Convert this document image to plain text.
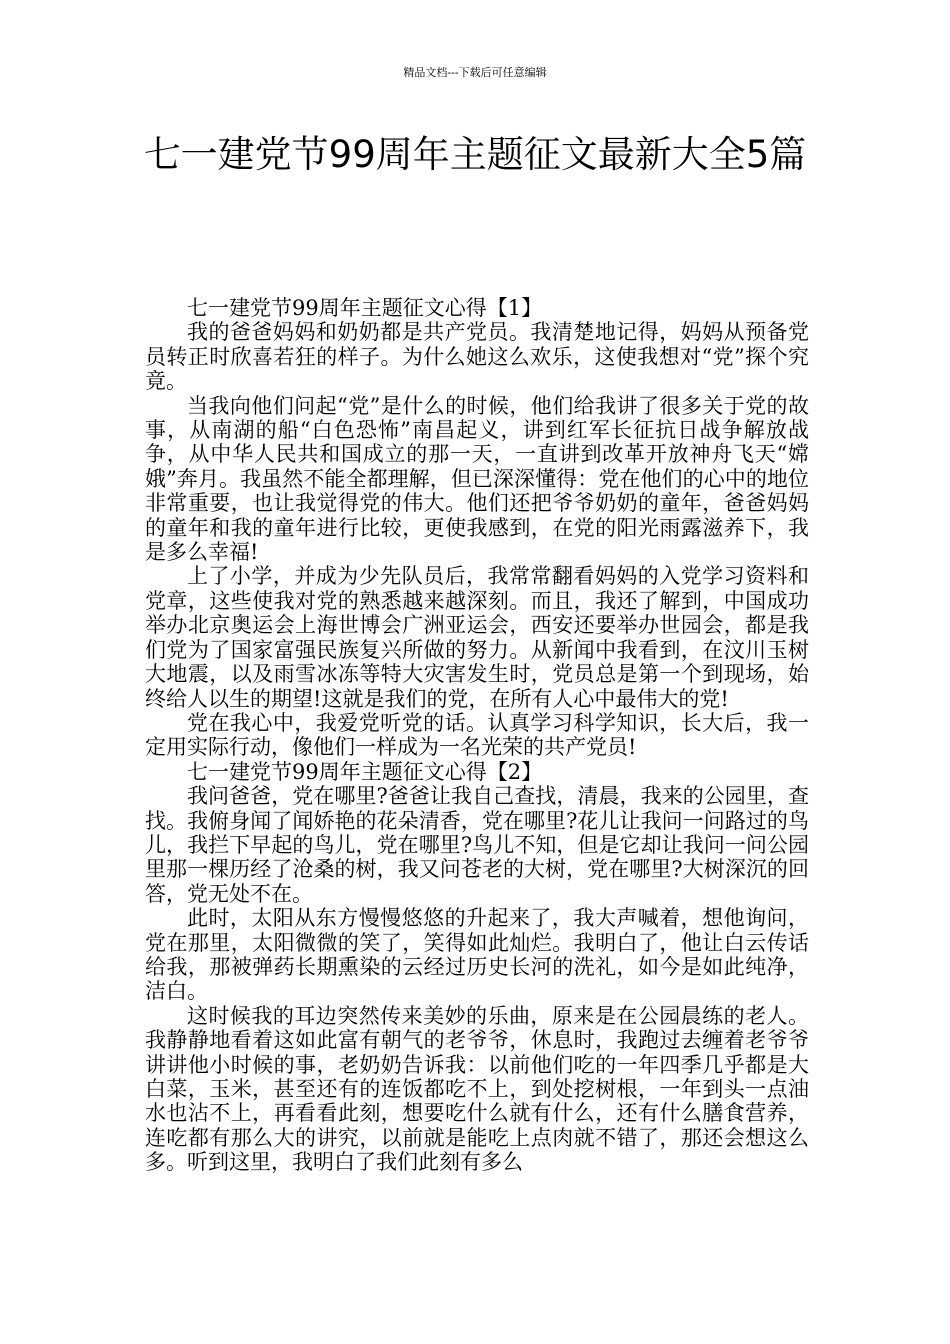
精品文档---下载后可任意编辑
七一建党节99周年主题征文最新大全5篇

七一建党节99周年主题征文心得【1】

我的爸爸妈妈和奶奶都是共产党员。我清楚地记得，妈妈从预备党员转正时欣喜若狂的样子。为什么她这么欢乐，这使我想对“党”探个究竟。

当我向他们问起“党”是什么的时候，他们给我讲了很多关于党的故事，从南湖的船“白色恐怖”南昌起义，讲到红军长征抗日战争解放战争，从中华人民共和国成立的那一天，一直讲到改革开放神舟飞天“嫦娥”奔月。我虽然不能全都理解，但已深深懂得：党在他们的心中的地位非常重要，也让我觉得党的伟大。他们还把爷爷奶奶的童年，爸爸妈妈的童年和我的童年进行比较，更使我感到，在党的阳光雨露滋养下，我是多么幸福!

上了小学，并成为少先队员后，我常常翻看妈妈的入党学习资料和党章，这些使我对党的熟悉越来越深刻。而且，我还了解到，中国成功举办北京奥运会上海世博会广洲亚运会，西安还要举办世园会，都是我们党为了国家富强民族复兴所做的努力。从新闻中我看到，在汶川玉树大地震，以及雨雪冰冻等特大灾害发生时，党员总是第一个到现场，始终给人以生的期望!这就是我们的党，在所有人心中最伟大的党!

党在我心中，我爱党听党的话。认真学习科学知识，长大后，我一定用实际行动，像他们一样成为一名光荣的共产党员!

七一建党节99周年主题征文心得【2】

我问爸爸，党在哪里?爸爸让我自己查找，清晨，我来的公园里，查找。我俯身闻了闻娇艳的花朵清香，党在哪里?花儿让我问一问路过的鸟儿，我拦下早起的鸟儿，党在哪里?鸟儿不知，但是它却让我问一问公园里那一棵历经了沧桑的树，我又问苍老的大树，党在哪里?大树深沉的回答，党无处不在。

此时，太阳从东方慢慢悠悠的升起来了，我大声喊着，想他询问，党在那里，太阳微微的笑了，笑得如此灿烂。我明白了，他让白云传话给我，那被弹药长期熏染的云经过历史长河的洗礼，如今是如此纯净，洁白。

这时候我的耳边突然传来美妙的乐曲，原来是在公园晨练的老人。我静静地看着这如此富有朝气的老爷爷，休息时，我跑过去缠着老爷爷讲讲他小时候的事，老奶奶告诉我：以前他们吃的一年四季几乎都是大白菜，玉米，甚至还有的连饭都吃不上，到处挖树根，一年到头一点油水也沾不上，再看看此刻，想要吃什么就有什么，还有什么膳食营养，连吃都有那么大的讲究，以前就是能吃上点肉就不错了，那还会想这么多。听到这里，我明白了我们此刻有多么
